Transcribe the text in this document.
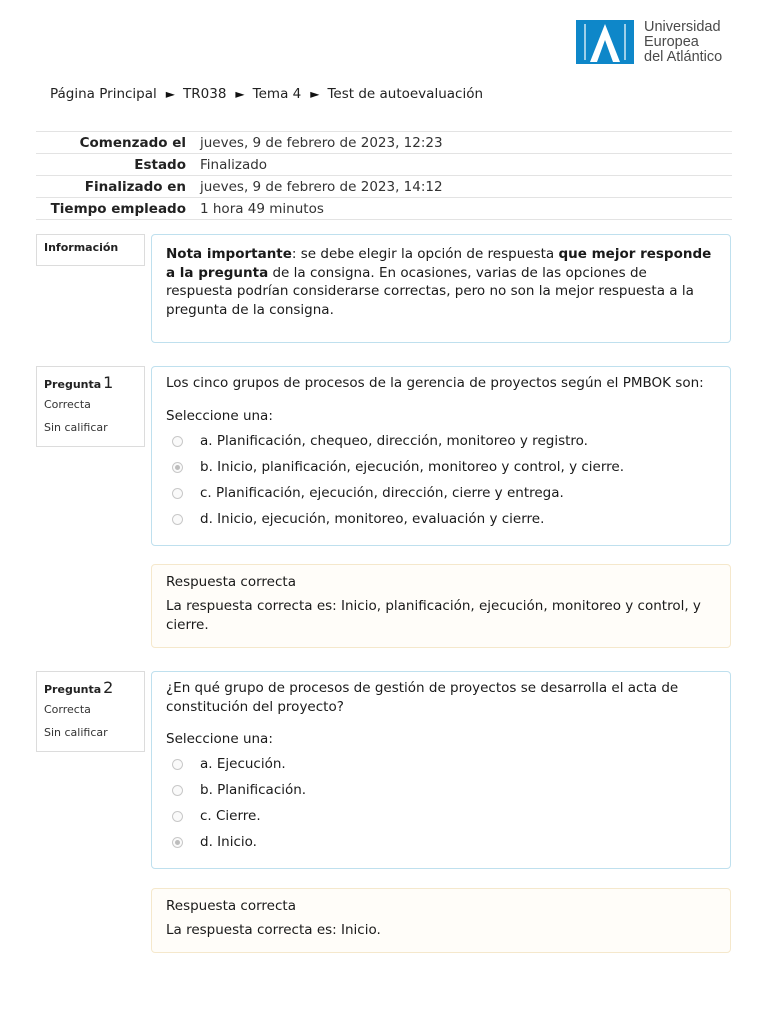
Universidad
Europea
del Atlántico
Página Principal ► TR038 ► Tema 4 ► Test de autoevaluación
Comenzado el	jueves, 9 de febrero de 2023, 12:23
Estado	Finalizado
Finalizado en	jueves, 9 de febrero de 2023, 14:12
Tiempo empleado	1 hora 49 minutos
Información	Nota importante: se debe elegir la opción de respuesta que mejor responde a la pregunta de la consigna. En ocasiones, varias de las opciones de respuesta podrían considerarse correctas, pero no son la mejor respuesta a la pregunta de la consigna.
Pregunta 1
Correcta
Sin calificar
Los cinco grupos de procesos de la gerencia de proyectos según el PMBOK son:
Seleccione una:
a. Planificación, chequeo, dirección, monitoreo y registro.
b. Inicio, planificación, ejecución, monitoreo y control, y cierre.
c. Planificación, ejecución, dirección, cierre y entrega.
d. Inicio, ejecución, monitoreo, evaluación y cierre.
Respuesta correcta
La respuesta correcta es: Inicio, planificación, ejecución, monitoreo y control, y cierre.
Pregunta 2
Correcta
Sin calificar
¿En qué grupo de procesos de gestión de proyectos se desarrolla el acta de constitución del proyecto?
Seleccione una:
a. Ejecución.
b. Planificación.
c. Cierre.
d. Inicio.
Respuesta correcta
La respuesta correcta es: Inicio.
